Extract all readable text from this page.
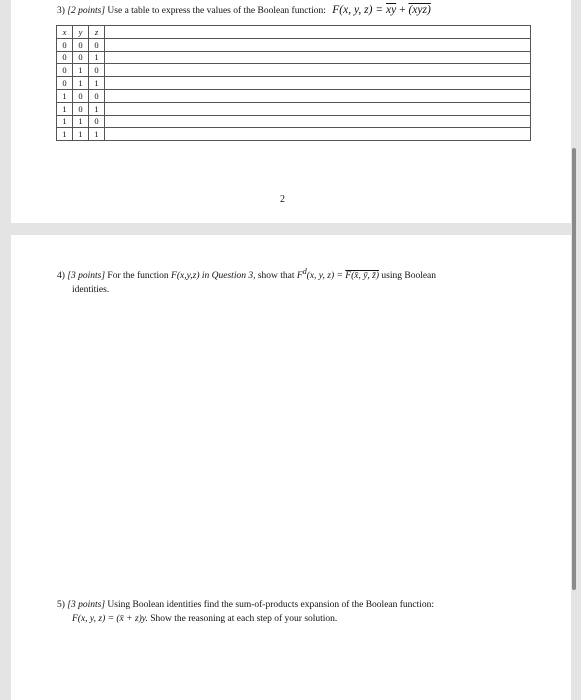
3) [2 points] Use a table to express the values of the Boolean function: F(x, y, $z) = \overline{xy} + (xyz)$
x	y	z	
0	0	0	
0	0	1	
0	1	0	
0	1	1	
1	0	0	
1	0	1	
1	1	0	
1	1	1	
2
4) [3 points] For the function F(x,y,z) in Question 3, show that $F^d(x$, y, z) = F(x̄, ȳ, z̄) using Boolean
identities.
5) [3 points] Using Boolean identities find the sum-of-products expansion of the Boolean function:
F(x, y, z) = (x̄ + z)y. Show the reasoning at each step of your solution.
